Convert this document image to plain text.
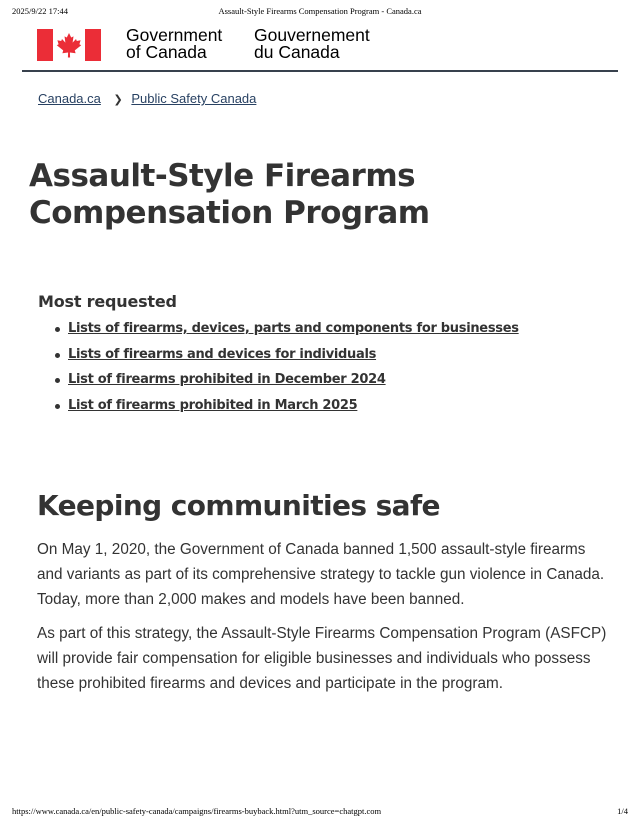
2025/9/22 17:44	Assault-Style Firearms Compensation Program - Canada.ca
Government
of Canada
Gouvernement
du Canada
Canada.ca ❯ Public Safety Canada
Assault-Style Firearms Compensation Program
Most requested
Lists of firearms, devices, parts and components for businesses
Lists of firearms and devices for individuals
List of firearms prohibited in December 2024
List of firearms prohibited in March 2025
Keeping communities safe

On May 1, 2020, the Government of Canada banned 1,500 assault-style firearms and variants as part of its comprehensive strategy to tackle gun violence in Canada. Today, more than 2,000 makes and models have been banned.

As part of this strategy, the Assault-Style Firearms Compensation Program (ASFCP) will provide fair compensation for eligible businesses and individuals who possess these prohibited firearms and devices and participate in the program.

https://www.canada.ca/en/public-safety-canada/campaigns/firearms-buyback.html?utm_source=chatgpt.com	1/4
